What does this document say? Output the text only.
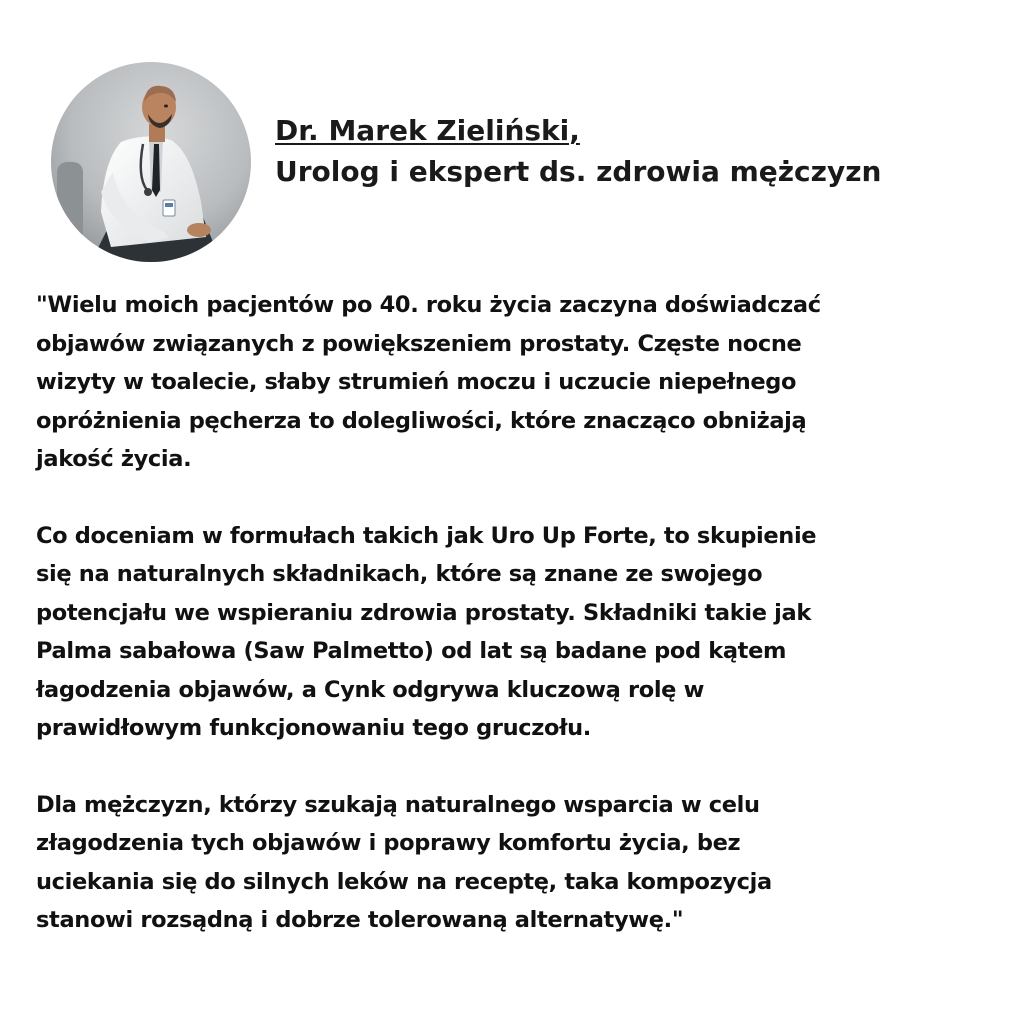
Dr. Marek Zieliński,
Urolog i ekspert ds. zdrowia mężczyzn

"Wielu moich pacjentów po 40. roku życia zaczyna doświadczać
objawów związanych z powiększeniem prostaty. Częste nocne
wizyty w toalecie, słaby strumień moczu i uczucie niepełnego
opróżnienia pęcherza to dolegliwości, które znacząco obniżają
jakość życia.

Co doceniam w formułach takich jak Uro Up Forte, to skupienie
się na naturalnych składnikach, które są znane ze swojego
potencjału we wspieraniu zdrowia prostaty. Składniki takie jak
Palma sabałowa (Saw Palmetto) od lat są badane pod kątem
łagodzenia objawów, a Cynk odgrywa kluczową rolę w
prawidłowym funkcjonowaniu tego gruczołu.

Dla mężczyzn, którzy szukają naturalnego wsparcia w celu
złagodzenia tych objawów i poprawy komfortu życia, bez
uciekania się do silnych leków na receptę, taka kompozycja
stanowi rozsądną i dobrze tolerowaną alternatywę."
